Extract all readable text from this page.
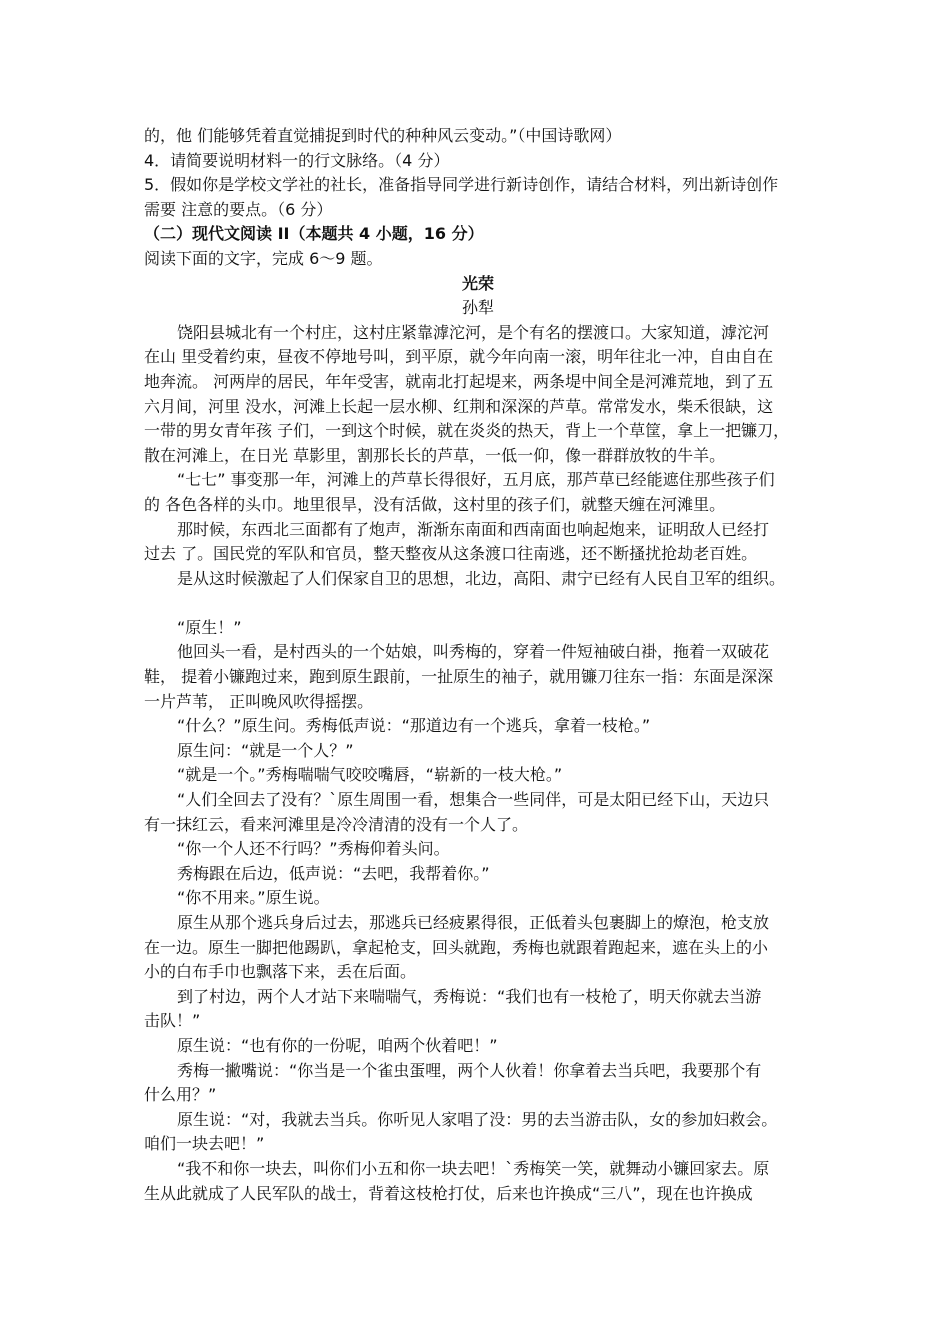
的，他 们能够凭着直觉捕捉到时代的种种风云变动。”（中国诗歌网）
4．请简要说明材料一的行文脉络。（4 分）
5．假如你是学校文学社的社长，准备指导同学进行新诗创作，请结合材料，列出新诗创作
需要 注意的要点。（6 分）
（二）现代文阅读 II（本题共 4 小题，16 分）
阅读下面的文字，完成 6～9 题。
光荣
孙犁
饶阳县城北有一个村庄，这村庄紧靠滹沱河，是个有名的摆渡口。大家知道，滹沱河
在山 里受着约束，昼夜不停地号叫，到平原，就今年向南一滚，明年往北一冲，自由自在
地奔流。 河两岸的居民，年年受害，就南北打起堤来，两条堤中间全是河滩荒地，到了五
六月间，河里 没水，河滩上长起一层水柳、红荆和深深的芦草。常常发水，柴禾很缺，这
一带的男女青年孩 子们，一到这个时候，就在炎炎的热天，背上一个草筐，拿上一把镰刀，
散在河滩上，在日光 草影里，割那长长的芦草，一低一仰，像一群群放牧的牛羊。
“七七” 事变那一年，河滩上的芦草长得很好，五月底，那芦草已经能遮住那些孩子们
的 各色各样的头巾。地里很旱，没有活做，这村里的孩子们，就整天缠在河滩里。
那时候，东西北三面都有了炮声，渐渐东南面和西南面也响起炮来，证明敌人已经打
过去 了。国民党的军队和官员，整天整夜从这条渡口往南逃，还不断搔扰抢劫老百姓。
是从这时候激起了人们保家自卫的思想，北边，高阳、肃宁已经有人民自卫军的组织。
“原生！”
他回头一看，是村西头的一个姑娘，叫秀梅的，穿着一件短袖破白褂，拖着一双破花
鞋， 提着小镰跑过来，跑到原生跟前，一扯原生的袖子，就用镰刀往东一指：东面是深深
一片芦苇， 正叫晚风吹得摇摆。
“什么？”原生问。秀梅低声说：“那道边有一个逃兵，拿着一枝枪。”
原生问：“就是一个人？”
“就是一个。”秀梅喘喘气咬咬嘴唇，“崭新的一枝大枪。”
“人们全回去了没有？`原生周围一看，想集合一些同伴，可是太阳已经下山，天边只
有一抹红云，看来河滩里是冷冷清清的没有一个人了。
“你一个人还不行吗？”秀梅仰着头问。
秀梅跟在后边，低声说：“去吧，我帮着你。”
“你不用来。”原生说。
原生从那个逃兵身后过去，那逃兵已经疲累得很，正低着头包裹脚上的燎泡，枪支放
在一边。原生一脚把他踢趴，拿起枪支，回头就跑，秀梅也就跟着跑起来，遮在头上的小
小的白布手巾也飘落下来，丢在后面。
到了村边，两个人才站下来喘喘气，秀梅说：“我们也有一枝枪了，明天你就去当游
击队！”
原生说：“也有你的一份呢，咱两个伙着吧！”
秀梅一撇嘴说：“你当是一个雀虫蛋哩，两个人伙着！你拿着去当兵吧，我要那个有
什么用？”
原生说：“对，我就去当兵。你听见人家唱了没：男的去当游击队，女的参加妇救会。
咱们一块去吧！”
“我不和你一块去，叫你们小五和你一块去吧！`秀梅笑一笑，就舞动小镰回家去。原
生从此就成了人民军队的战士，背着这枝枪打仗，后来也许换成“三八”，现在也许换成
